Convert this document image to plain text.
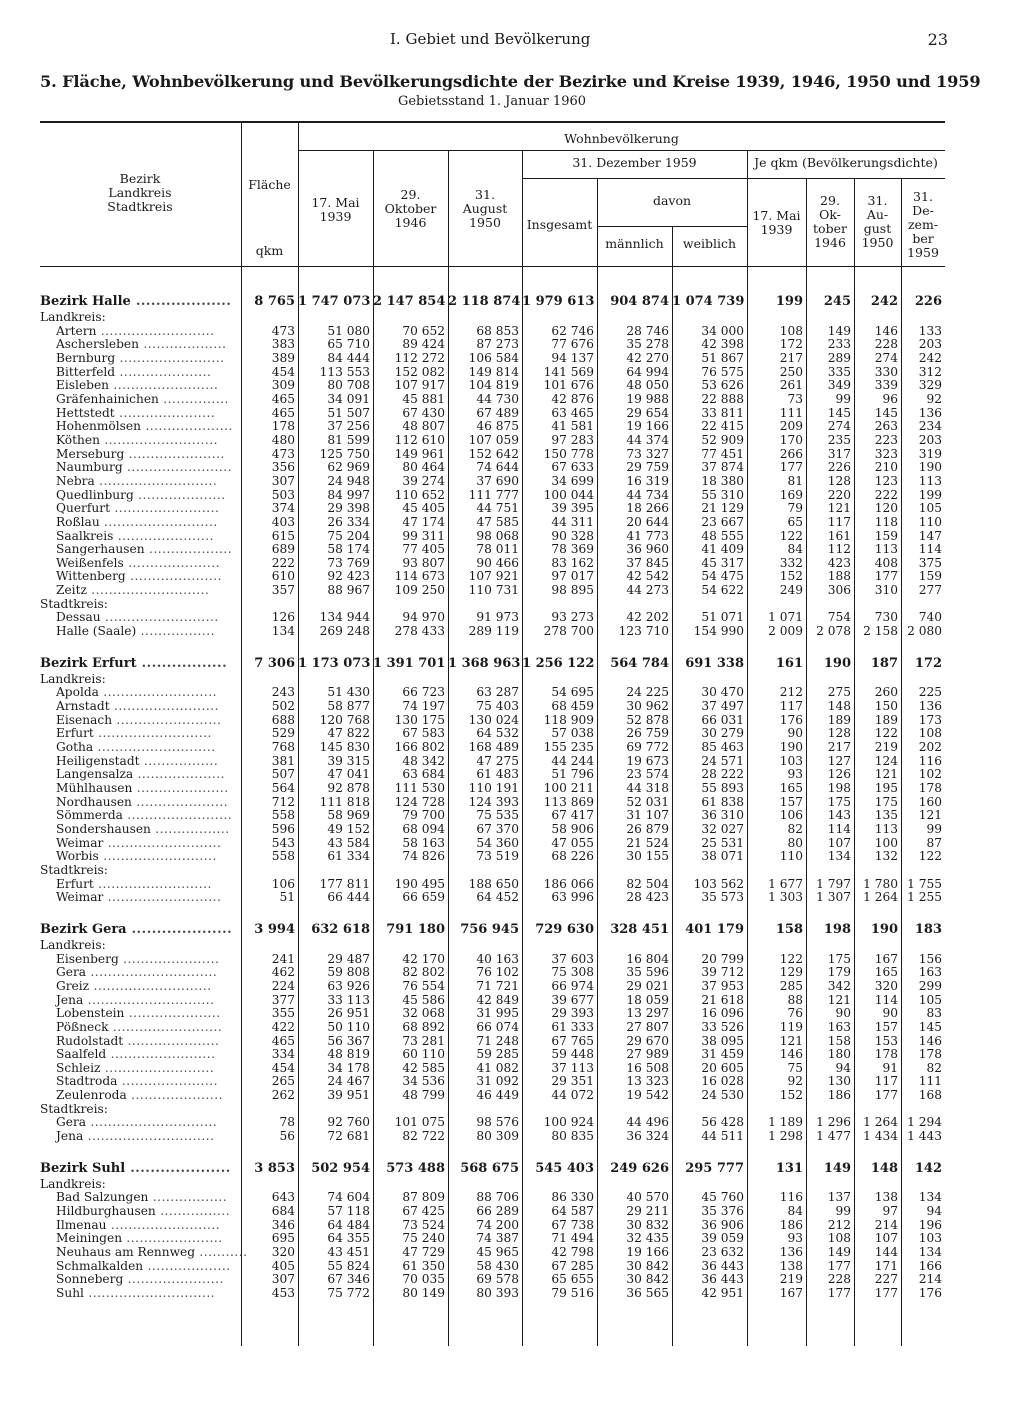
I. Gebiet und Bevölkerung	23
5. Fläche, Wohnbevölkerung und Bevölkerungsdichte der Bezirke und Kreise 1939, 1946, 1950 und 1959
Gebietsstand 1. Januar 1960
Bezirk
Landkreis
Stadtkreis
Fläche
qkm
Wohnbevölkerung
31. Dezember 1959	Je qkm (Bevölkerungsdichte)
17. Mai
1939
29.
Oktober
1946
31.
August
1950	Insgesamt
davon
männlich	weiblich
17. Mai
1939
29.
Ok-
tober
1946
31.
Au-
gust
1950
31.
De-
zem-
ber
1959
Bezirk Halle ...................	8 765	1 747 073	2 147 854	2 118 874	1 979 613	904 874	1 074 739	199	245	242	226
Landkreis:											
Artern ..........................	473	51 080	70 652	68 853	62 746	28 746	34 000	108	149	146	133
Aschersleben ...................	383	65 710	89 424	87 273	77 676	35 278	42 398	172	233	228	203
Bernburg ........................	389	84 444	112 272	106 584	94 137	42 270	51 867	217	289	274	242
Bitterfeld .....................	454	113 553	152 082	149 814	141 569	64 994	76 575	250	335	330	312
Eisleben ........................	309	80 708	107 917	104 819	101 676	48 050	53 626	261	349	339	329
Gräfenhainichen ...............	465	34 091	45 881	44 730	42 876	19 988	22 888	73	99	96	92
Hettstedt ......................	465	51 507	67 430	67 489	63 465	29 654	33 811	111	145	145	136
Hohenmölsen ....................	178	37 256	48 807	46 875	41 581	19 166	22 415	209	274	263	234
Köthen ..........................	480	81 599	112 610	107 059	97 283	44 374	52 909	170	235	223	203
Merseburg ......................	473	125 750	149 961	152 642	150 778	73 327	77 451	266	317	323	319
Naumburg ........................	356	62 969	80 464	74 644	67 633	29 759	37 874	177	226	210	190
Nebra ...........................	307	24 948	39 274	37 690	34 699	16 319	18 380	81	128	123	113
Quedlinburg ....................	503	84 997	110 652	111 777	100 044	44 734	55 310	169	220	222	199
Querfurt ........................	374	29 398	45 405	44 751	39 395	18 266	21 129	79	121	120	105
Roßlau ..........................	403	26 334	47 174	47 585	44 311	20 644	23 667	65	117	118	110
Saalkreis ......................	615	75 204	99 311	98 068	90 328	41 773	48 555	122	161	159	147
Sangerhausen ...................	689	58 174	77 405	78 011	78 369	36 960	41 409	84	112	113	114
Weißenfels .....................	222	73 769	93 807	90 466	83 162	37 845	45 317	332	423	408	375
Wittenberg .....................	610	92 423	114 673	107 921	97 017	42 542	54 475	152	188	177	159
Zeitz ...........................	357	88 967	109 250	110 731	98 895	44 273	54 622	249	306	310	277
Stadtkreis:											
Dessau ..........................	126	134 944	94 970	91 973	93 273	42 202	51 071	1 071	754	730	740
Halle (Saale) .................	134	269 248	278 433	289 119	278 700	123 710	154 990	2 009	2 078	2 158	2 080

Bezirk Erfurt .................	7 306	1 173 073	1 391 701	1 368 963	1 256 122	564 784	691 338	161	190	187	172
Landkreis:											
Apolda ..........................	243	51 430	66 723	63 287	54 695	24 225	30 470	212	275	260	225
Arnstadt ........................	502	58 877	74 197	75 403	68 459	30 962	37 497	117	148	150	136
Eisenach ........................	688	120 768	130 175	130 024	118 909	52 878	66 031	176	189	189	173
Erfurt ..........................	529	47 822	67 583	64 532	57 038	26 759	30 279	90	128	122	108
Gotha ...........................	768	145 830	166 802	168 489	155 235	69 772	85 463	190	217	219	202
Heiligenstadt .................	381	39 315	48 342	47 275	44 244	19 673	24 571	103	127	124	116
Langensalza ....................	507	47 041	63 684	61 483	51 796	23 574	28 222	93	126	121	102
Mühlhausen .....................	564	92 878	111 530	110 191	100 211	44 318	55 893	165	198	195	178
Nordhausen .....................	712	111 818	124 728	124 393	113 869	52 031	61 838	157	175	175	160
Sömmerda ........................	558	58 969	79 700	75 535	67 417	31 107	36 310	106	143	135	121
Sondershausen .................	596	49 152	68 094	67 370	58 906	26 879	32 027	82	114	113	99
Weimar ..........................	543	43 584	58 163	54 360	47 055	21 524	25 531	80	107	100	87
Worbis ..........................	558	61 334	74 826	73 519	68 226	30 155	38 071	110	134	132	122
Stadtkreis:											
Erfurt ..........................	106	177 811	190 495	188 650	186 066	82 504	103 562	1 677	1 797	1 780	1 755
Weimar ..........................	51	66 444	66 659	64 452	63 996	28 423	35 573	1 303	1 307	1 264	1 255

Bezirk Gera ....................	3 994	632 618	791 180	756 945	729 630	328 451	401 179	158	198	190	183
Landkreis:											
Eisenberg ......................	241	29 487	42 170	40 163	37 603	16 804	20 799	122	175	167	156
Gera .............................	462	59 808	82 802	76 102	75 308	35 596	39 712	129	179	165	163
Greiz ...........................	224	63 926	76 554	71 721	66 974	29 021	37 953	285	342	320	299
Jena .............................	377	33 113	45 586	42 849	39 677	18 059	21 618	88	121	114	105
Lobenstein .....................	355	26 951	32 068	31 995	29 393	13 297	16 096	76	90	90	83
Pößneck .........................	422	50 110	68 892	66 074	61 333	27 807	33 526	119	163	157	145
Rudolstadt .....................	465	56 367	73 281	71 248	67 765	29 670	38 095	121	158	153	146
Saalfeld ........................	334	48 819	60 110	59 285	59 448	27 989	31 459	146	180	178	178
Schleiz .........................	454	34 178	42 585	41 082	37 113	16 508	20 605	75	94	91	82
Stadtroda ......................	265	24 467	34 536	31 092	29 351	13 323	16 028	92	130	117	111
Zeulenroda .....................	262	39 951	48 799	46 449	44 072	19 542	24 530	152	186	177	168
Stadtkreis:											
Gera .............................	78	92 760	101 075	98 576	100 924	44 496	56 428	1 189	1 296	1 264	1 294
Jena .............................	56	72 681	82 722	80 309	80 835	36 324	44 511	1 298	1 477	1 434	1 443

Bezirk Suhl ....................	3 853	502 954	573 488	568 675	545 403	249 626	295 777	131	149	148	142
Landkreis:											
Bad Salzungen .................	643	74 604	87 809	88 706	86 330	40 570	45 760	116	137	138	134
Hildburghausen ................	684	57 118	67 425	66 289	64 587	29 211	35 376	84	99	97	94
Ilmenau .........................	346	64 484	73 524	74 200	67 738	30 832	36 906	186	212	214	196
Meiningen ......................	695	64 355	75 240	74 387	71 494	32 435	39 059	93	108	107	103
Neuhaus am Rennweg ...........	320	43 451	47 729	45 965	42 798	19 166	23 632	136	149	144	134
Schmalkalden ...................	405	55 824	61 350	58 430	67 285	30 842	36 443	138	177	171	166
Sonneberg ......................	307	67 346	70 035	69 578	65 655	30 842	36 443	219	228	227	214
Suhl .............................	453	75 772	80 149	80 393	79 516	36 565	42 951	167	177	177	176
